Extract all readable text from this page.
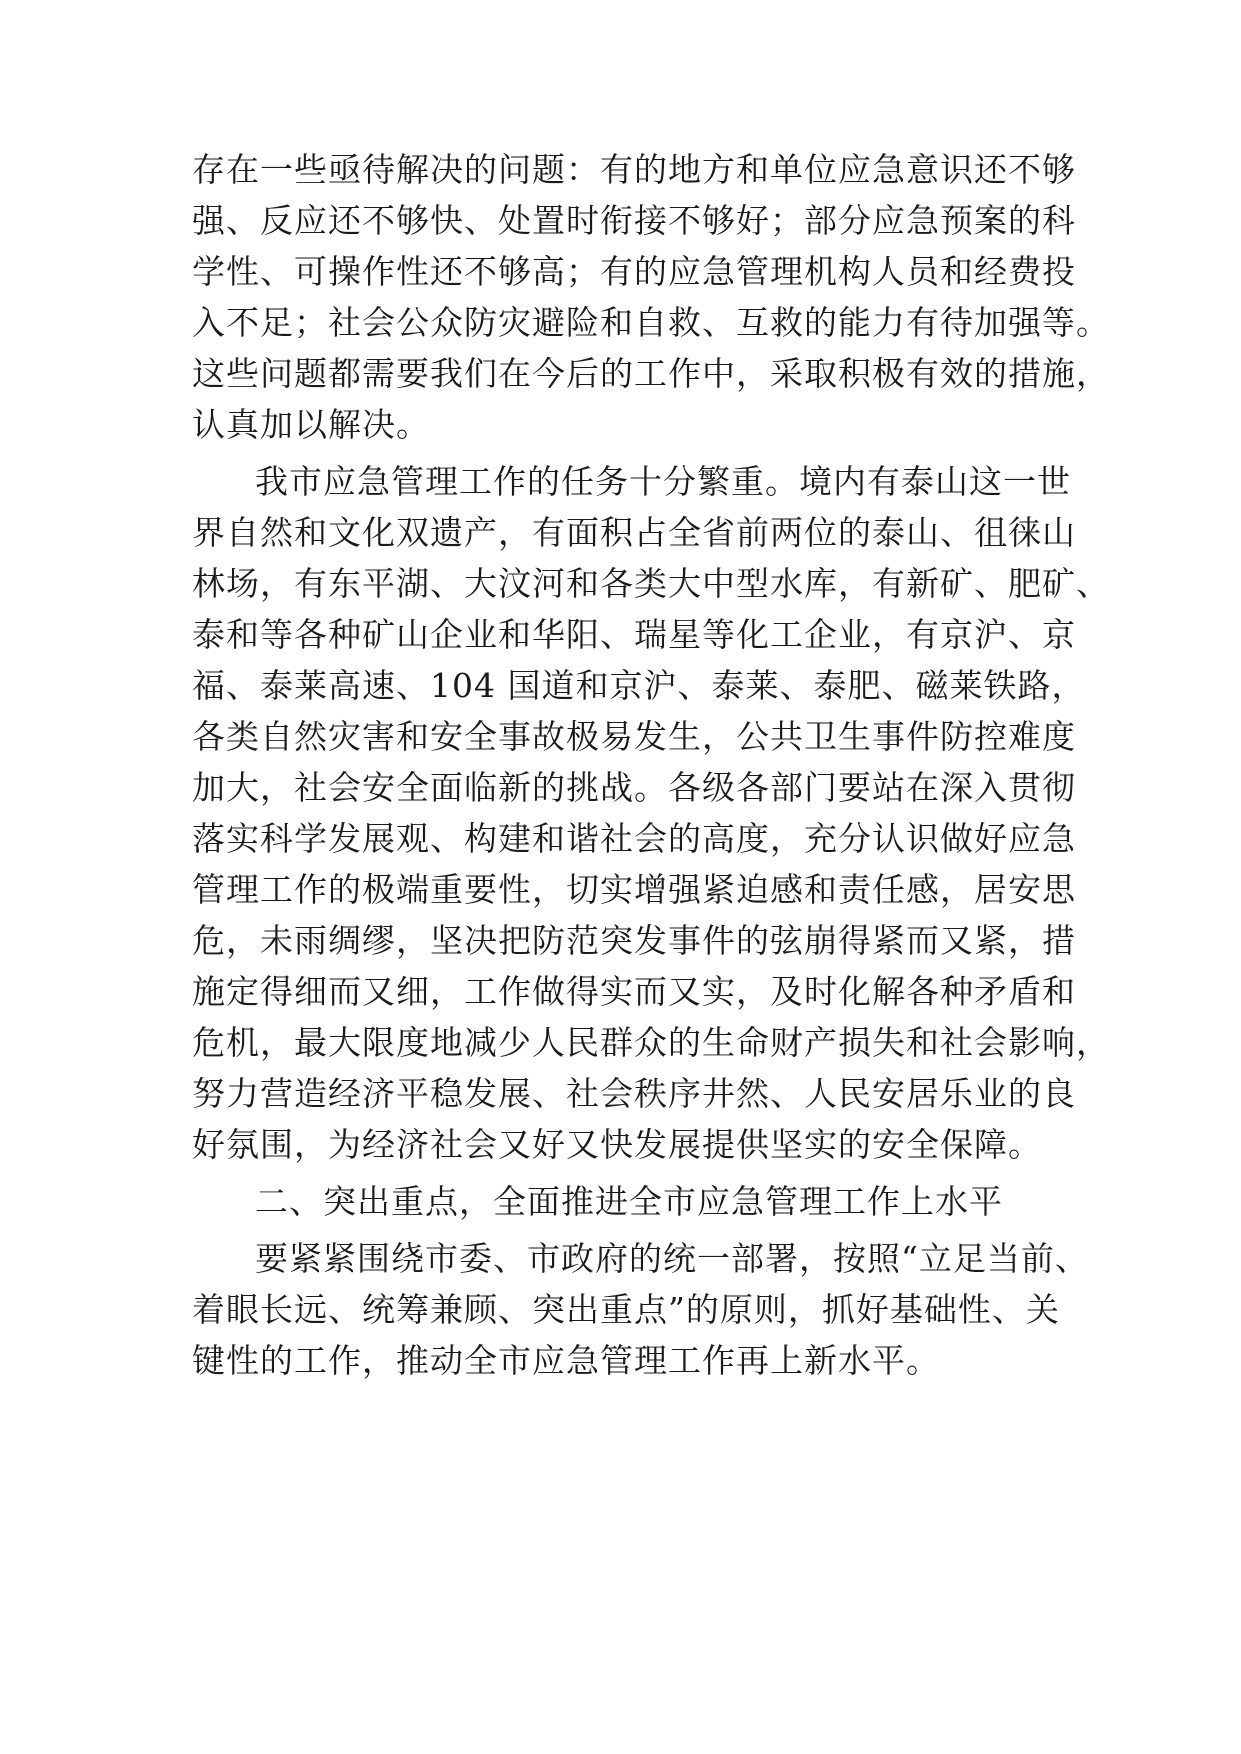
存在一些亟待解决的问题：有的地方和单位应急意识还不够
强、反应还不够快、处置时衔接不够好；部分应急预案的科
学性、可操作性还不够高；有的应急管理机构人员和经费投
入不足；社会公众防灾避险和自救、互救的能力有待加强等。
这些问题都需要我们在今后的工作中，采取积极有效的措施，
认真加以解决。
我市应急管理工作的任务十分繁重。境内有泰山这一世
界自然和文化双遗产，有面积占全省前两位的泰山、徂徕山
林场，有东平湖、大汶河和各类大中型水库，有新矿、肥矿、
泰和等各种矿山企业和华阳、瑞星等化工企业，有京沪、京
福、泰莱高速、104 国道和京沪、泰莱、泰肥、磁莱铁路，
各类自然灾害和安全事故极易发生，公共卫生事件防控难度
加大，社会安全面临新的挑战。各级各部门要站在深入贯彻
落实科学发展观、构建和谐社会的高度，充分认识做好应急
管理工作的极端重要性，切实增强紧迫感和责任感，居安思
危，未雨绸缪，坚决把防范突发事件的弦崩得紧而又紧，措
施定得细而又细，工作做得实而又实，及时化解各种矛盾和
危机，最大限度地减少人民群众的生命财产损失和社会影响，
努力营造经济平稳发展、社会秩序井然、人民安居乐业的良
好氛围，为经济社会又好又快发展提供坚实的安全保障。
二、突出重点，全面推进全市应急管理工作上水平
要紧紧围绕市委、市政府的统一部署，按照“立足当前、
着眼长远、统筹兼顾、突出重点”的原则，抓好基础性、关
键性的工作，推动全市应急管理工作再上新水平。
